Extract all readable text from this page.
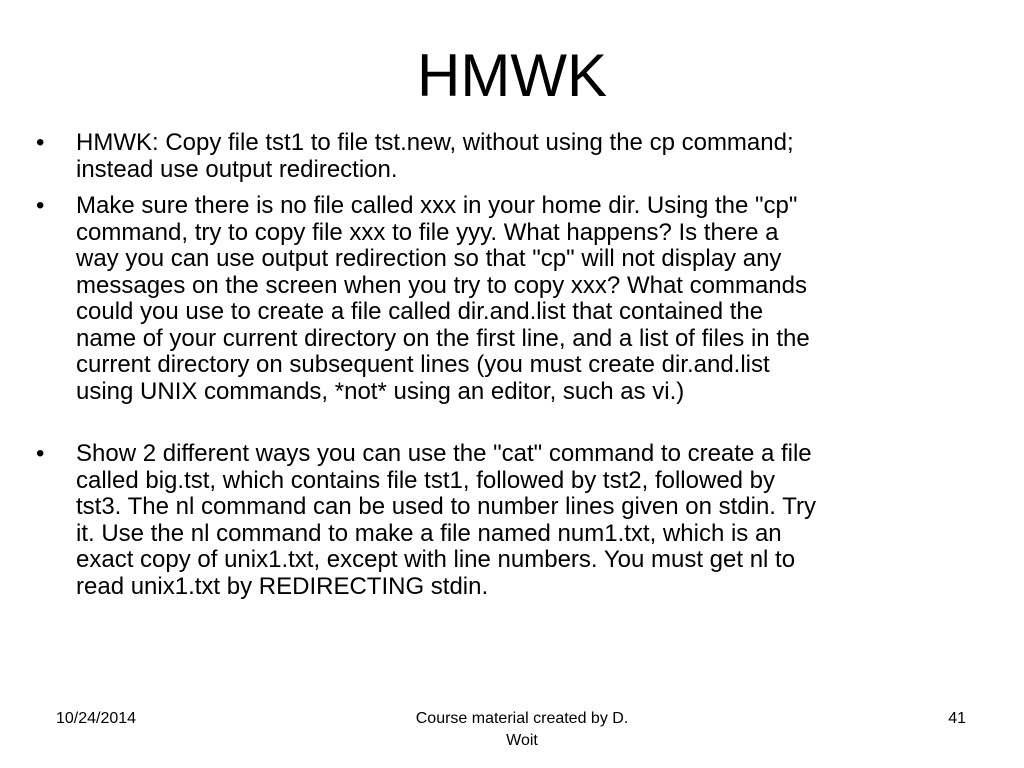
HMWK
•	HMWK: Copy file tst1 to file tst.new, without using the cp command;
instead use output redirection.
•	Make sure there is no file called xxx in your home dir. Using the "cp"
command, try to copy file xxx to file yyy. What happens? Is there a
way you can use output redirection so that "cp" will not display any
messages on the screen when you try to copy xxx? What commands
could you use to create a file called dir.and.list that contained the
name of your current directory on the first line, and a list of files in the
current directory on subsequent lines (you must create dir.and.list
using UNIX commands, *not* using an editor, such as vi.)
•	Show 2 different ways you can use the "cat" command to create a file
called big.tst, which contains file tst1, followed by tst2, followed by
tst3. The nl command can be used to number lines given on stdin. Try
it. Use the nl command to make a file named num1.txt, which is an
exact copy of unix1.txt, except with line numbers. You must get nl to
read unix1.txt by REDIRECTING stdin.
10/24/2014	Course material created by D.
Woit
41
